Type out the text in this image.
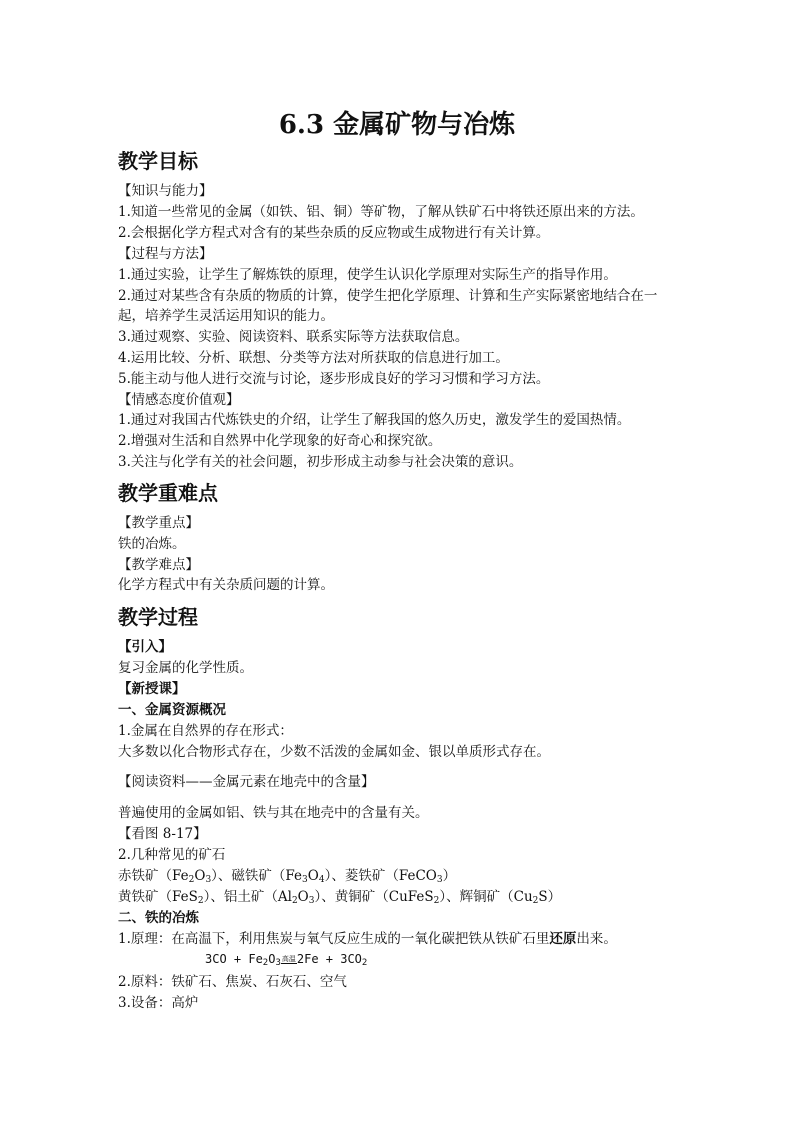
6.3 金属矿物与冶炼
教学目标
【知识与能力】
1.知道一些常见的金属（如铁、铝、铜）等矿物，了解从铁矿石中将铁还原出来的方法。
2.会根据化学方程式对含有的某些杂质的反应物或生成物进行有关计算。
【过程与方法】
1.通过实验，让学生了解炼铁的原理，使学生认识化学原理对实际生产的指导作用。
2.通过对某些含有杂质的物质的计算，使学生把化学原理、计算和生产实际紧密地结合在一
起，培养学生灵活运用知识的能力。
3.通过观察、实验、阅读资料、联系实际等方法获取信息。
4.运用比较、分析、联想、分类等方法对所获取的信息进行加工。
5.能主动与他人进行交流与讨论，逐步形成良好的学习习惯和学习方法。
【情感态度价值观】
1.通过对我国古代炼铁史的介绍，让学生了解我国的悠久历史，激发学生的爱国热情。
2.增强对生活和自然界中化学现象的好奇心和探究欲。
3.关注与化学有关的社会问题，初步形成主动参与社会决策的意识。
教学重难点
【教学重点】
铁的冶炼。
【教学难点】
化学方程式中有关杂质问题的计算。
教学过程
【引入】
复习金属的化学性质。
【新授课】
一、金属资源概况
1.金属在自然界的存在形式：
大多数以化合物形式存在，少数不活泼的金属如金、银以单质形式存在。
【阅读资料——金属元素在地壳中的含量】
普遍使用的金属如铝、铁与其在地壳中的含量有关。
【看图 8-17】
2.几种常见的矿石
赤铁矿$(Fe_2O_3)$、磁铁矿$(Fe_3O_4)$、菱铁矿（FeCO$_3$）
黄铁矿（FeS$_2$）、铝土矿$(Al_2O_3)$、黄铜矿（CuFeS$_2$）、辉铜矿$(Cu_2S)$
二、铁的冶炼
1.原理：在高温下，利用焦炭与氧气反应生成的一氧化碳把铁从铁矿石里还原出来。
$3CO + Fe_2O_3$高温$2Fe + 3CO_2$
2.原料：铁矿石、焦炭、石灰石、空气
3.设备：高炉
